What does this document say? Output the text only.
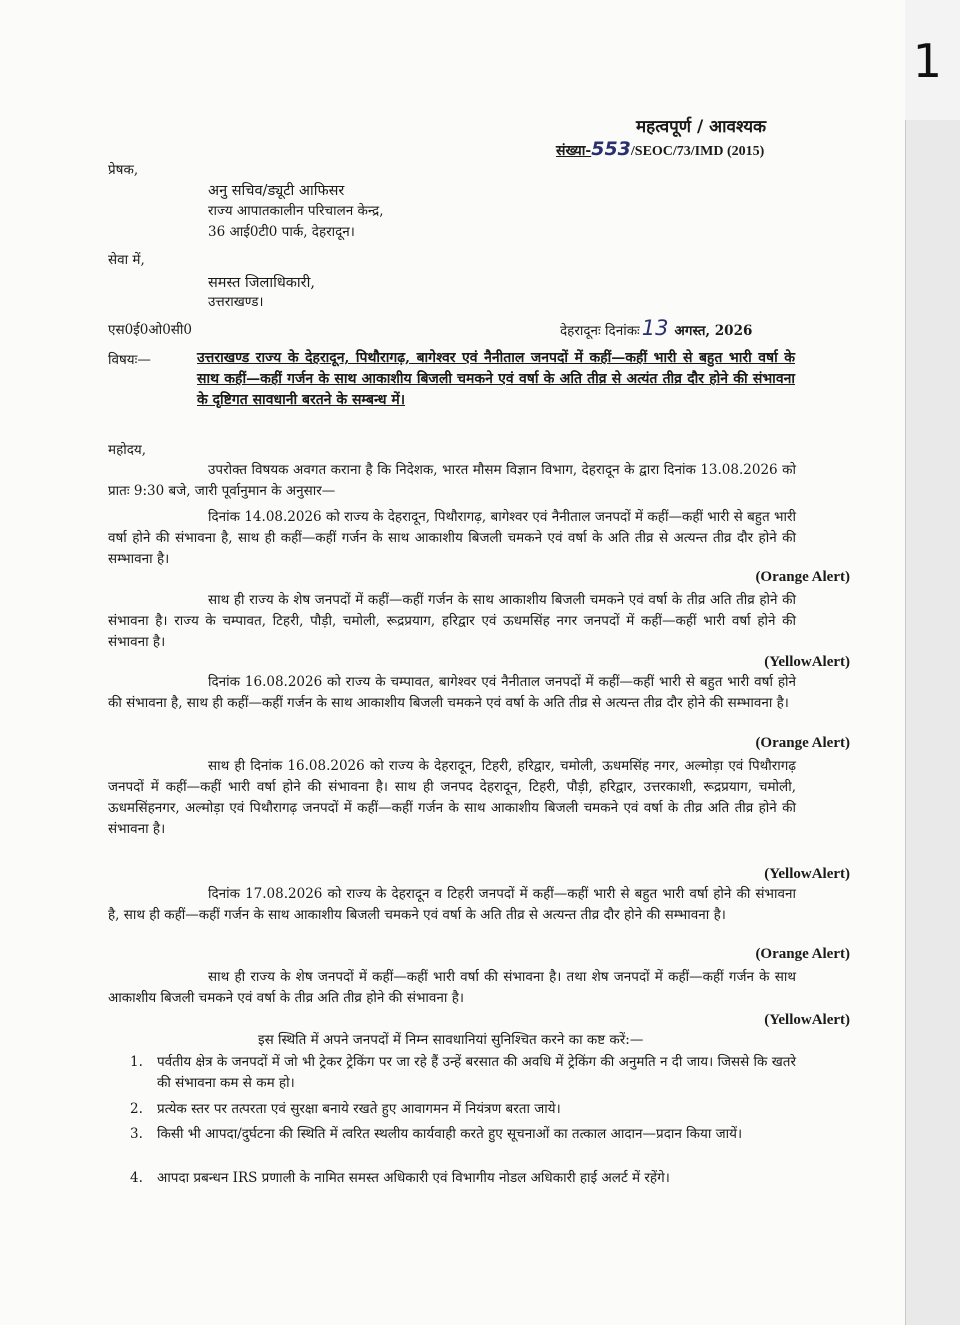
1
महत्वपूर्ण / आवश्यक
संख्या-553/SEOC/73/IMD (2015)
प्रेषक,
अनु सचिव/ड्यूटी आफिसर
राज्य आपातकालीन परिचालन केन्द्र,
36 आई0टी0 पार्क, देहरादून।
सेवा में,
समस्त जिलाधिकारी,
उत्तराखण्ड।
एस0ई0ओ0सी0	देहरादूनः दिनांकः13 अगस्त, 2026
विषयः—	उत्तराखण्ड राज्य के देहरादून, पिथौरागढ़, बागेश्वर एवं नैनीताल जनपदों में कहीं—कहीं भारी से बहुत भारी वर्षा के साथ कहीं—कहीं गर्जन के साथ आकाशीय बिजली चमकने एवं वर्षा के अति तीव्र से अत्यंत तीव्र दौर होने की संभावना के दृष्टिगत सावधानी बरतने के सम्बन्ध में।
महोदय,
उपरोक्त विषयक अवगत कराना है कि निदेशक, भारत मौसम विज्ञान विभाग, देहरादून के द्वारा दिनांक 13.08.2026 को प्रातः 9:30 बजे, जारी पूर्वानुमान के अनुसार—
दिनांक 14.08.2026 को राज्य के देहरादून, पिथौरागढ़, बागेश्वर एवं नैनीताल जनपदों में कहीं—कहीं भारी से बहुत भारी वर्षा होने की संभावना है, साथ ही कहीं—कहीं गर्जन के साथ आकाशीय बिजली चमकने एवं वर्षा के अति तीव्र से अत्यन्त तीव्र दौर होने की सम्भावना है।
(Orange Alert)
साथ ही राज्य के शेष जनपदों में कहीं—कहीं गर्जन के साथ आकाशीय बिजली चमकने एवं वर्षा के तीव्र अति तीव्र होने की संभावना है। राज्य के चम्पावत, टिहरी, पौड़ी, चमोली, रूद्रप्रयाग, हरिद्वार एवं ऊधमसिंह नगर जनपदों में कहीं—कहीं भारी वर्षा होने की संभावना है।
(YellowAlert)
दिनांक 16.08.2026 को राज्य के चम्पावत, बागेश्वर एवं नैनीताल जनपदों में कहीं—कहीं भारी से बहुत भारी वर्षा होने की संभावना है, साथ ही कहीं—कहीं गर्जन के साथ आकाशीय बिजली चमकने एवं वर्षा के अति तीव्र से अत्यन्त तीव्र दौर होने की सम्भावना है।
(Orange Alert)
साथ ही दिनांक 16.08.2026 को राज्य के देहरादून, टिहरी, हरिद्वार, चमोली, ऊधमसिंह नगर, अल्मोड़ा एवं पिथौरागढ़ जनपदों में कहीं—कहीं भारी वर्षा होने की संभावना है। साथ ही जनपद देहरादून, टिहरी, पौड़ी, हरिद्वार, उत्तरकाशी, रूद्रप्रयाग, चमोली, ऊधमसिंहनगर, अल्मोड़ा एवं पिथौरागढ़ जनपदों में कहीं—कहीं गर्जन के साथ आकाशीय बिजली चमकने एवं वर्षा के तीव्र अति तीव्र होने की संभावना है।
(YellowAlert)
दिनांक 17.08.2026 को राज्य के देहरादून व टिहरी जनपदों में कहीं—कहीं भारी से बहुत भारी वर्षा होने की संभावना है, साथ ही कहीं—कहीं गर्जन के साथ आकाशीय बिजली चमकने एवं वर्षा के अति तीव्र से अत्यन्त तीव्र दौर होने की सम्भावना है।
(Orange Alert)
साथ ही राज्य के शेष जनपदों में कहीं—कहीं भारी वर्षा की संभावना है। तथा शेष जनपदों में कहीं—कहीं गर्जन के साथ आकाशीय बिजली चमकने एवं वर्षा के तीव्र अति तीव्र होने की संभावना है।
(YellowAlert)
इस स्थिति में अपने जनपदों में निम्न सावधानियां सुनिश्चित करने का कष्ट करें:—
1. पर्वतीय क्षेत्र के जनपदों में जो भी ट्रेकर ट्रेकिंग पर जा रहे हैं उन्हें बरसात की अवधि में ट्रेकिंग की अनुमति न दी जाय। जिससे कि खतरे की संभावना कम से कम हो।
2. प्रत्येक स्तर पर तत्परता एवं सुरक्षा बनाये रखते हुए आवागमन में नियंत्रण बरता जाये।
3. किसी भी आपदा/दुर्घटना की स्थिति में त्वरित स्थलीय कार्यवाही करते हुए सूचनाओं का तत्काल आदान—प्रदान किया जायें।
4. आपदा प्रबन्धन IRS प्रणाली के नामित समस्त अधिकारी एवं विभागीय नोडल अधिकारी हाई अलर्ट में रहेंगे।
